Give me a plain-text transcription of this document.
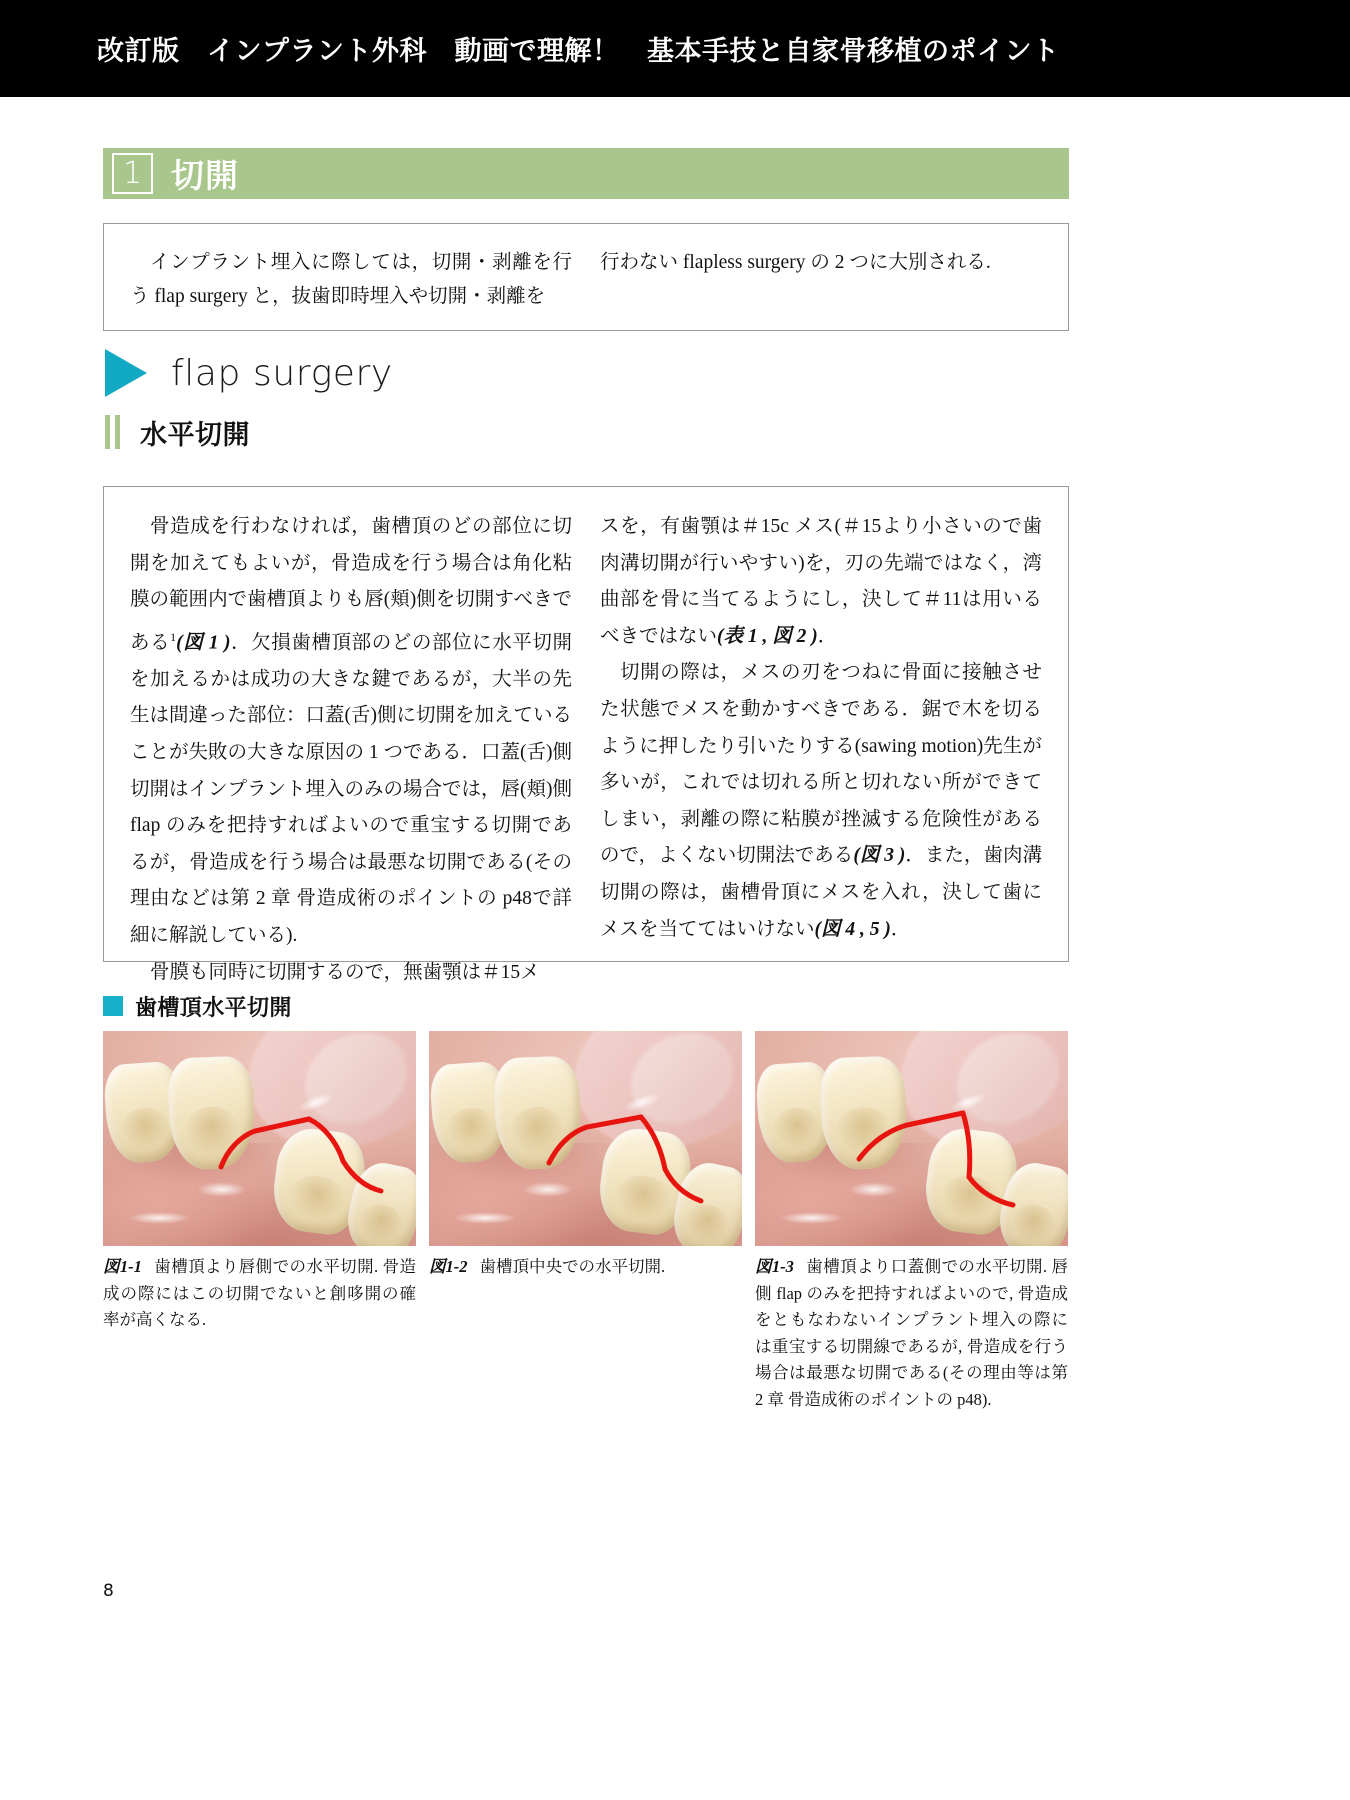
改訂版　インプラント外科　動画で理解！　基本手技と自家骨移植のポイント
1 切開
インプラント埋入に際しては，切開・剥離を行う flap surgery と，抜歯即時埋入や切開・剥離を
行わない flapless surgery の 2 つに大別される.
flap surgery
水平切開

骨造成を行わなければ，歯槽頂のどの部位に切開を加えてもよいが，骨造成を行う場合は角化粘膜の範囲内で歯槽頂よりも唇(頬)側を切開すべきである$^1$(図 1 )．欠損歯槽頂部のどの部位に水平切開を加えるかは成功の大きな鍵であるが，大半の先生は間違った部位：口蓋(舌)側に切開を加えていることが失敗の大きな原因の 1 つである．口蓋(舌)側切開はインプラント埋入のみの場合では，唇(頬)側 flap のみを把持すればよいので重宝する切開であるが，骨造成を行う場合は最悪な切開である(その理由などは第 2 章 骨造成術のポイントの p48で詳細に解説している).

骨膜も同時に切開するので，無歯顎は＃15メ

スを，有歯顎は＃15c メス(＃15より小さいので歯肉溝切開が行いやすい)を，刃の先端ではなく，湾曲部を骨に当てるようにし，決して＃11は用いるべきではない(表 1 , 図 2 )．

切開の際は，メスの刃をつねに骨面に接触させた状態でメスを動かすべきである．鋸で木を切るように押したり引いたりする(sawing motion)先生が多いが，これでは切れる所と切れない所ができてしまい，剥離の際に粘膜が挫滅する危険性があるので，よくない切開法である(図 3 )．また，歯肉溝切開の際は，歯槽骨頂にメスを入れ，決して歯にメスを当ててはいけない(図 4 , 5 )．

歯槽頂水平切開
図1-1 歯槽頂より唇側での水平切開. 骨造成の際にはこの切開でないと創哆開の確率が高くなる.
図1-2 歯槽頂中央での水平切開.	図1-3 歯槽頂より口蓋側での水平切開. 唇側 flap のみを把持すればよいので, 骨造成をともなわないインプラント埋入の際には重宝する切開線であるが, 骨造成を行う場合は最悪な切開である(その理由等は第 2 章 骨造成術のポイントの p48).
8
